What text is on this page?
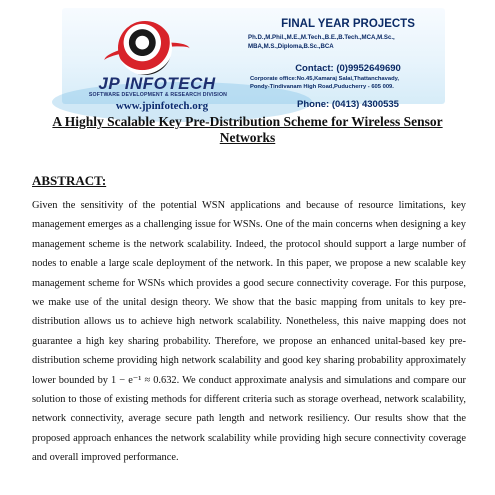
JP INFOTECH
SOFTWARE DEVELOPMENT & RESEARCH DIVISION
www.jpinfotech.org
FINAL YEAR PROJECTS
Ph.D.,M.Phil.,M.E.,M.Tech.,B.E.,B.Tech.,MCA,M.Sc.,
MBA,M.S.,Diploma,B.Sc.,BCA
Contact: (0)9952649690
Corporate office:No.45,Kamaraj Salai,Thattanchavady,
Pondy-Tindivanam High Road,Puducherry - 605 009.
Phone: (0413) 4300535
A Highly Scalable Key Pre-Distribution Scheme for Wireless Sensor Networks
ABSTRACT:

Given the sensitivity of the potential WSN applications and because of resource limitations, key management emerges as a challenging issue for WSNs. One of the main concerns when designing a key management scheme is the network scalability. Indeed, the protocol should support a large number of nodes to enable a large scale deployment of the network. In this paper, we propose a new scalable key management scheme for WSNs which provides a good secure connectivity coverage. For this purpose, we make use of the unital design theory. We show that the basic mapping from unitals to key pre-distribution allows us to achieve high network scalability. Nonetheless, this naive mapping does not guarantee a high key sharing probability. Therefore, we propose an enhanced unital-based key pre-distribution scheme providing high network scalability and good key sharing probability approximately lower bounded by 1 − e⁻¹ ≈ 0.632. We conduct approximate analysis and simulations and compare our solution to those of existing methods for different criteria such as storage overhead, network scalability, network connectivity, average secure path length and network resiliency. Our results show that the proposed approach enhances the network scalability while providing high secure connectivity coverage and overall improved performance.
